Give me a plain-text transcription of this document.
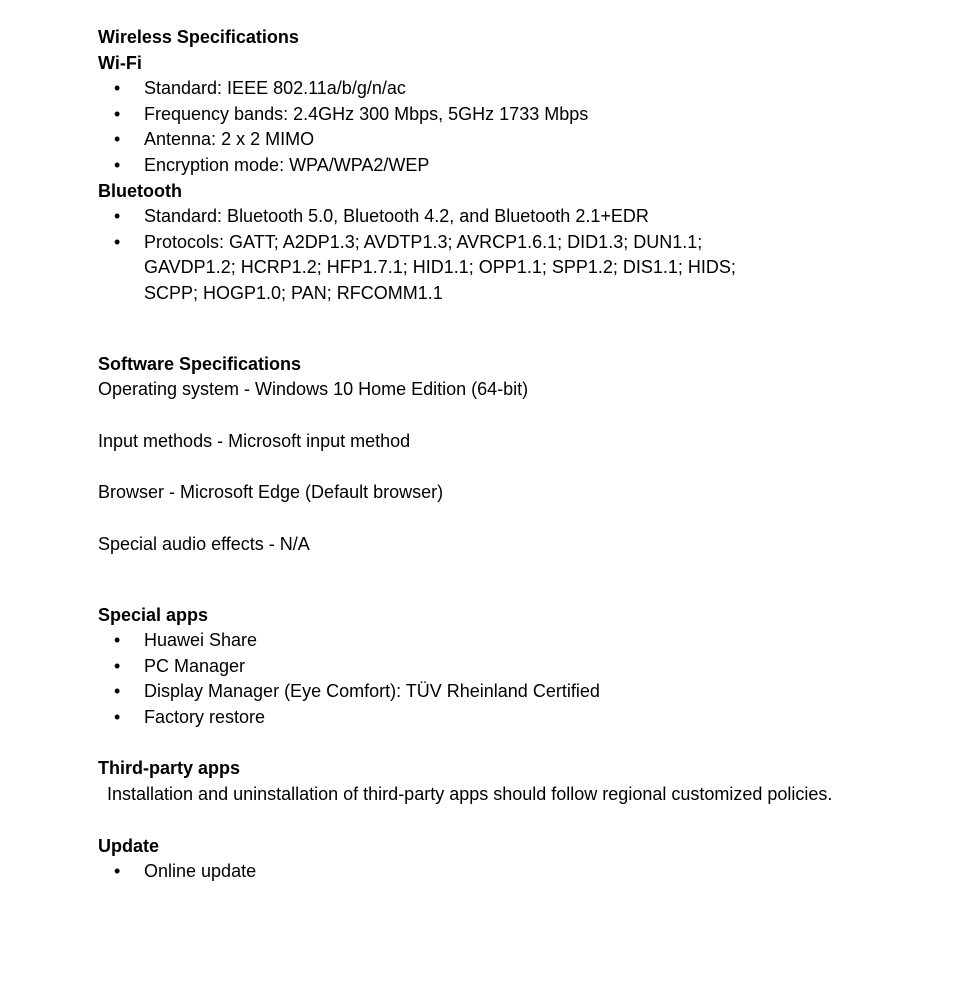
Wireless Specifications

Wi-Fi

• Standard: IEEE 802.11a/b/g/n/ac
• Frequency bands: 2.4GHz 300 Mbps, 5GHz 1733 Mbps
• Antenna: 2 x 2 MIMO
• Encryption mode: WPA/WPA2/WEP

Bluetooth

• Standard: Bluetooth 5.0, Bluetooth 4.2, and Bluetooth 2.1+EDR
• Protocols: GATT; A2DP1.3; AVDTP1.3; AVRCP1.6.1; DID1.3; DUN1.1;
GAVDP1.2; HCRP1.2; HFP1.7.1; HID1.1; OPP1.1; SPP1.2; DIS1.1; HIDS;
SCPP; HOGP1.0; PAN; RFCOMM1.1

Software Specifications

Operating system - Windows 10 Home Edition (64-bit)

Input methods - Microsoft input method

Browser - Microsoft Edge (Default browser)

Special audio effects - N/A

Special apps

• Huawei Share
• PC Manager
• Display Manager (Eye Comfort): TÜV Rheinland Certified
• Factory restore

Third-party apps

Installation and uninstallation of third-party apps should follow regional customized policies.

Update

• Online update
